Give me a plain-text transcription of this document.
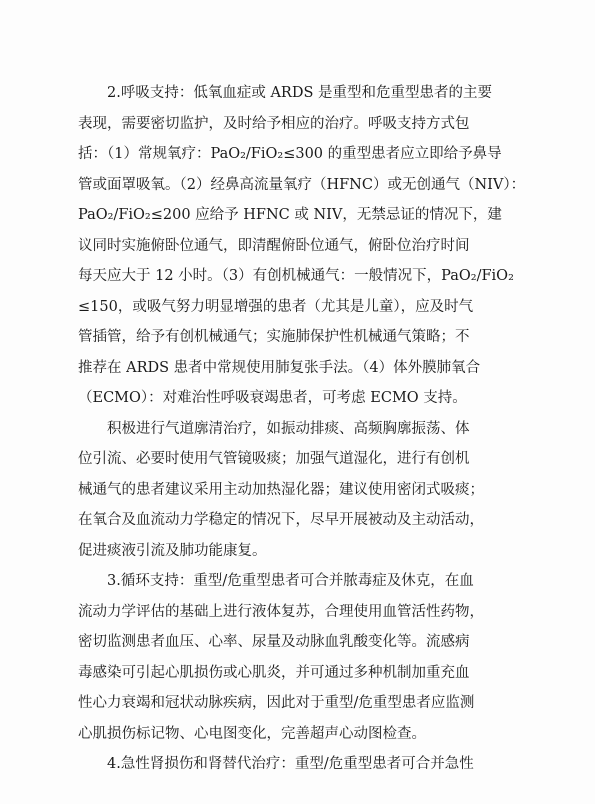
2.呼吸支持：低氧血症或 ARDS 是重型和危重型患者的主要
表现，需要密切监护，及时给予相应的治疗。呼吸支持方式包
括：（1）常规氧疗：PaO₂/FiO₂≤300 的重型患者应立即给予鼻导
管或面罩吸氧。（2）经鼻高流量氧疗（HFNC）或无创通气（NIV）：
PaO₂/FiO₂≤200 应给予 HFNC 或 NIV，无禁忌证的情况下，建
议同时实施俯卧位通气，即清醒俯卧位通气，俯卧位治疗时间
每天应大于 12 小时。（3）有创机械通气：一般情况下，PaO₂/FiO₂
≤150，或吸气努力明显增强的患者（尤其是儿童），应及时气
管插管，给予有创机械通气；实施肺保护性机械通气策略；不
推荐在 ARDS 患者中常规使用肺复张手法。（4）体外膜肺氧合
（ECMO）：对难治性呼吸衰竭患者，可考虑 ECMO 支持。

积极进行气道廓清治疗，如振动排痰、高频胸廓振荡、体
位引流、必要时使用气管镜吸痰；加强气道湿化，进行有创机
械通气的患者建议采用主动加热湿化器；建议使用密闭式吸痰；
在氧合及血流动力学稳定的情况下，尽早开展被动及主动活动，
促进痰液引流及肺功能康复。

3.循环支持：重型/危重型患者可合并脓毒症及休克，在血
流动力学评估的基础上进行液体复苏，合理使用血管活性药物，
密切监测患者血压、心率、尿量及动脉血乳酸变化等。流感病
毒感染可引起心肌损伤或心肌炎，并可通过多种机制加重充血
性心力衰竭和冠状动脉疾病，因此对于重型/危重型患者应监测
心肌损伤标记物、心电图变化，完善超声心动图检查。

4.急性肾损伤和肾替代治疗：重型/危重型患者可合并急性
